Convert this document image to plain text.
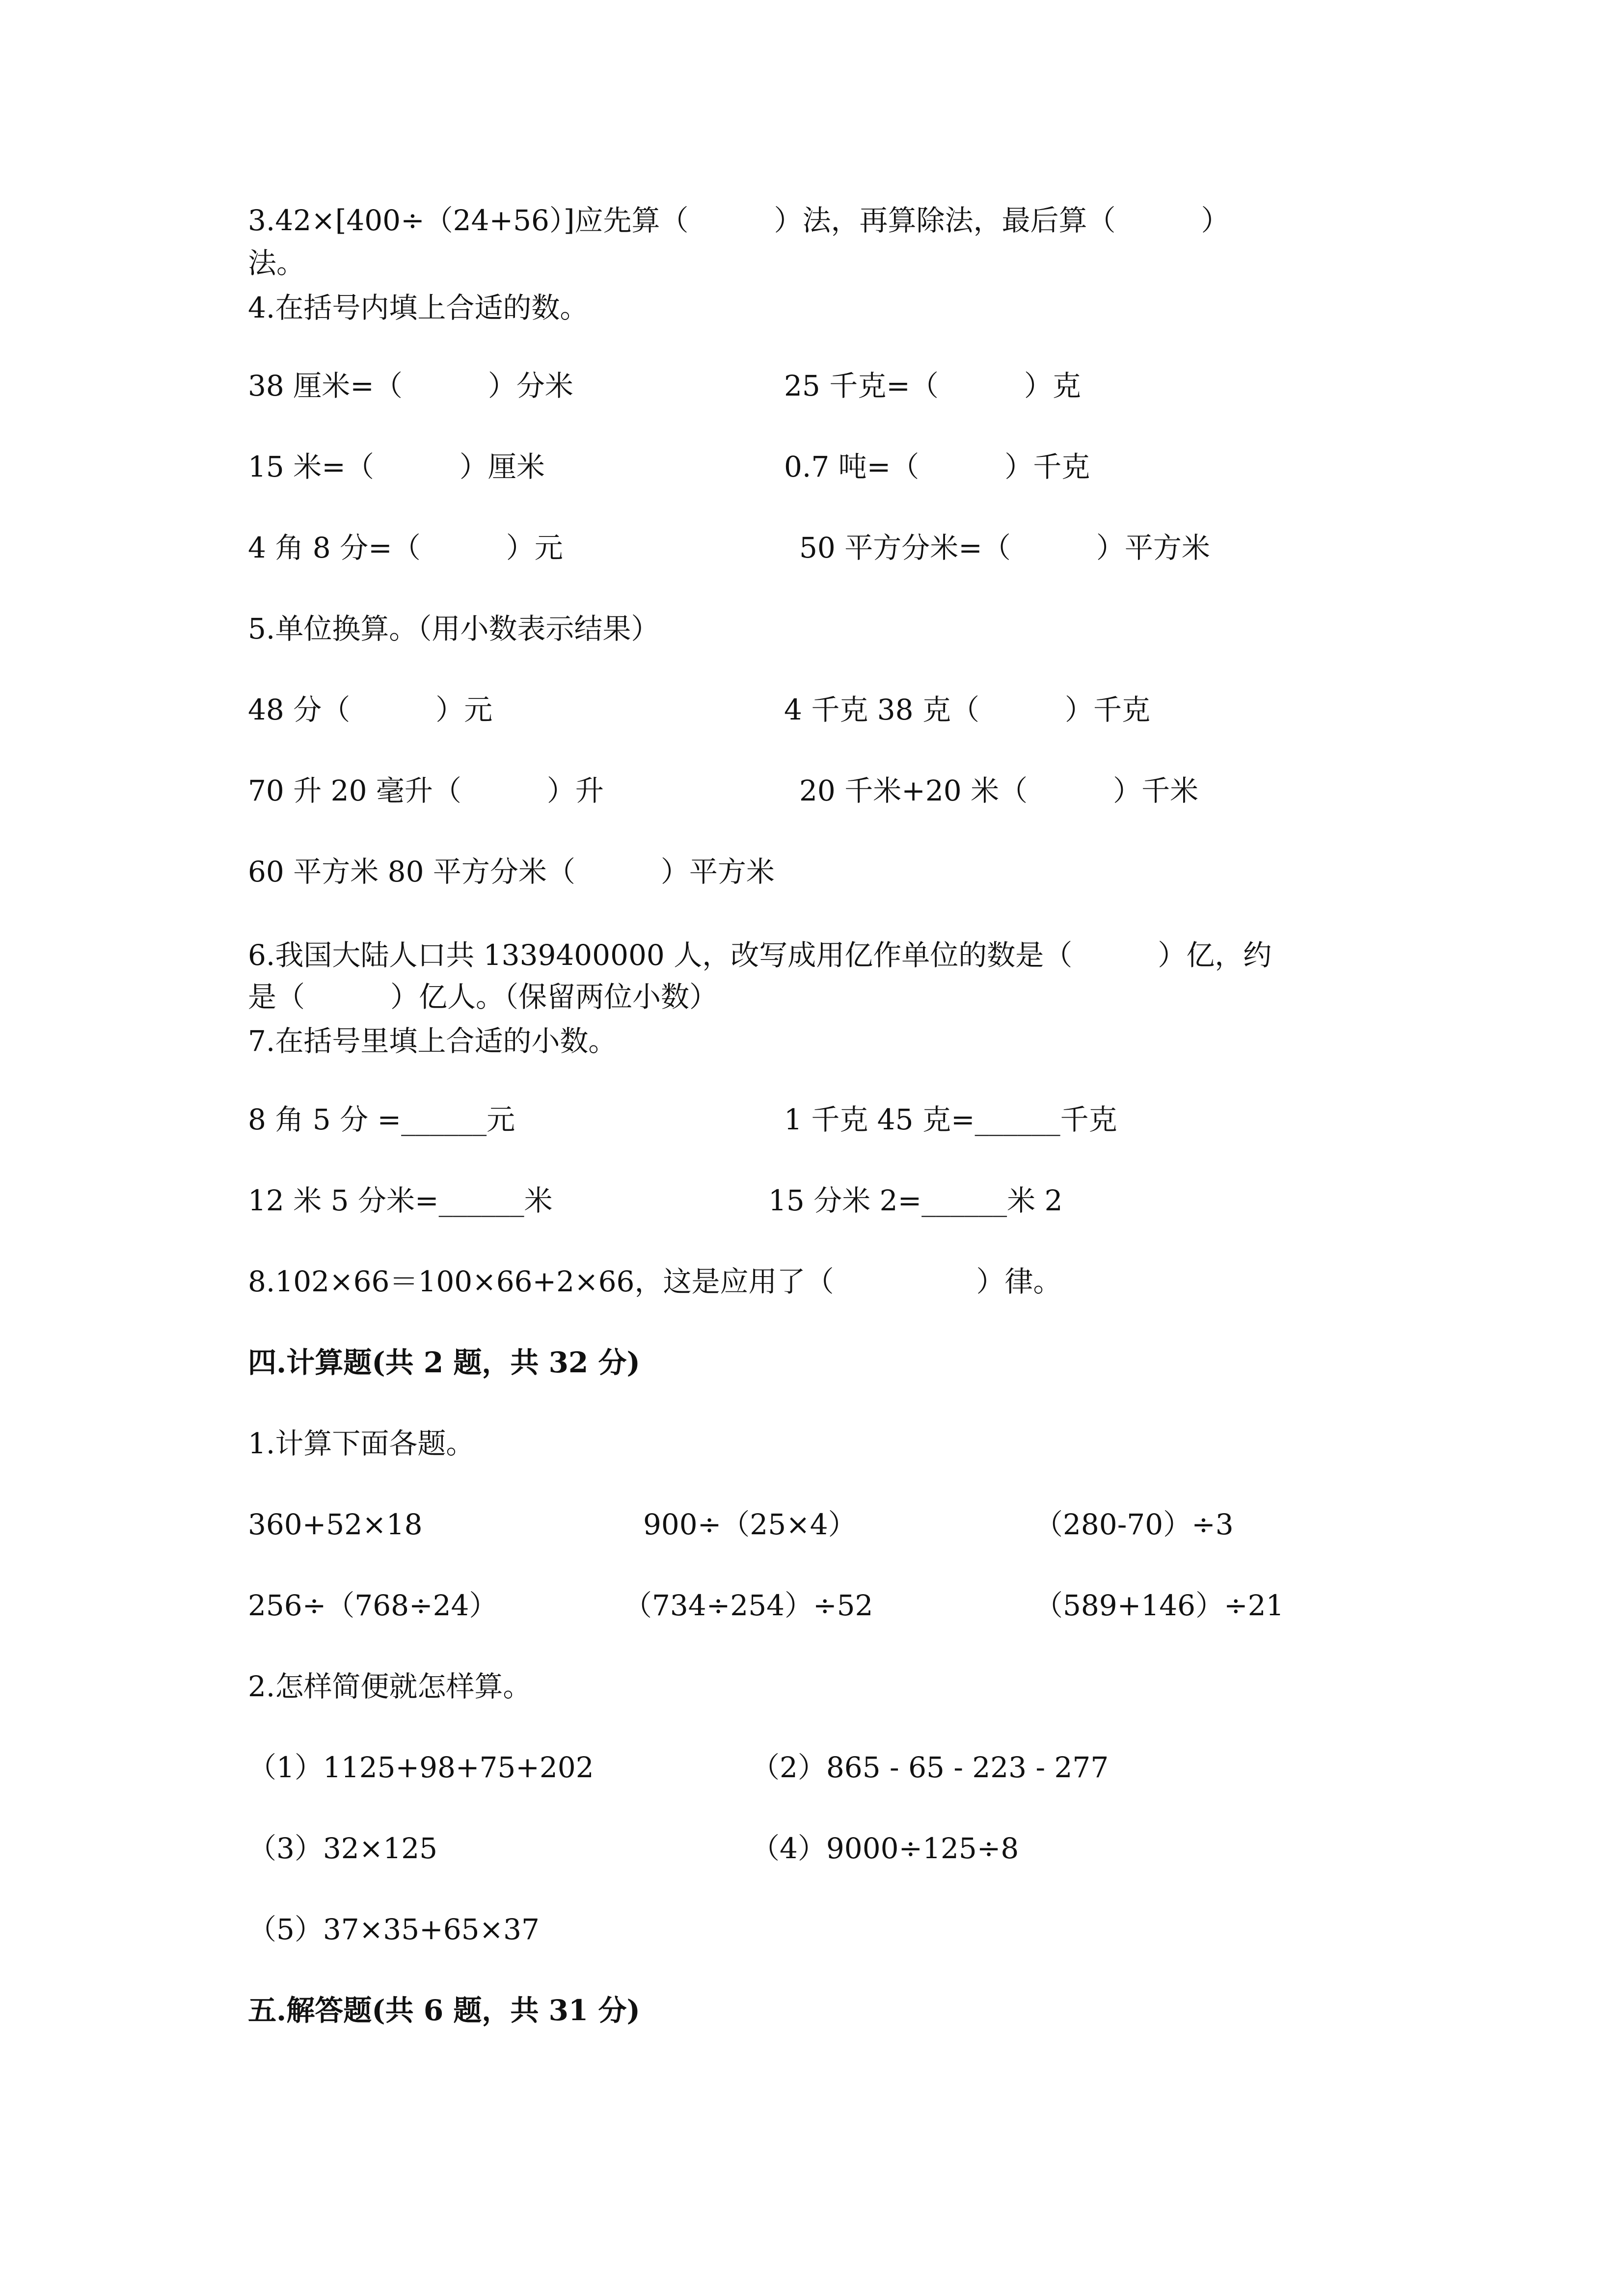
3.42×[400÷（24+56）]应先算（　　　）法，再算除法，最后算（　　　）
法。
4.在括号内填上合适的数。
38 厘米=（　　　）分米	25 千克=（　　　）克
15 米=（　　　）厘米	0.7 吨=（　　　）千克
4 角 8 分=（　　　）元	50 平方分米=（　　　）平方米
5.单位换算。（用小数表示结果）
48 分（　　　）元	4 千克 38 克（　　　）千克
70 升 20 毫升（　　　）升	20 千米+20 米（　　　）千米
60 平方米 80 平方分米（　　　）平方米
6.我国大陆人口共 1339400000 人，改写成用亿作单位的数是（　　　）亿，约
是（　　　）亿人。（保留两位小数）
7.在括号里填上合适的小数。
8 角 5 分 =______元	1 千克 45 克=______千克
12 米 5 分米=______米	15 分米 2=______米 2
8.102×66＝100×66+2×66，这是应用了（　　　　　）律。
四.计算题(共 2 题，共 32 分)
1.计算下面各题。
360+52×18	900÷（25×4）	（280-70）÷3
256÷（768÷24）	（734÷254）÷52	（589+146）÷21
2.怎样简便就怎样算。
（1）1125+98+75+202	（2）865 - 65 - 223 - 277
（3）32×125	（4）9000÷125÷8
（5）37×35+65×37
五.解答题(共 6 题，共 31 分)
